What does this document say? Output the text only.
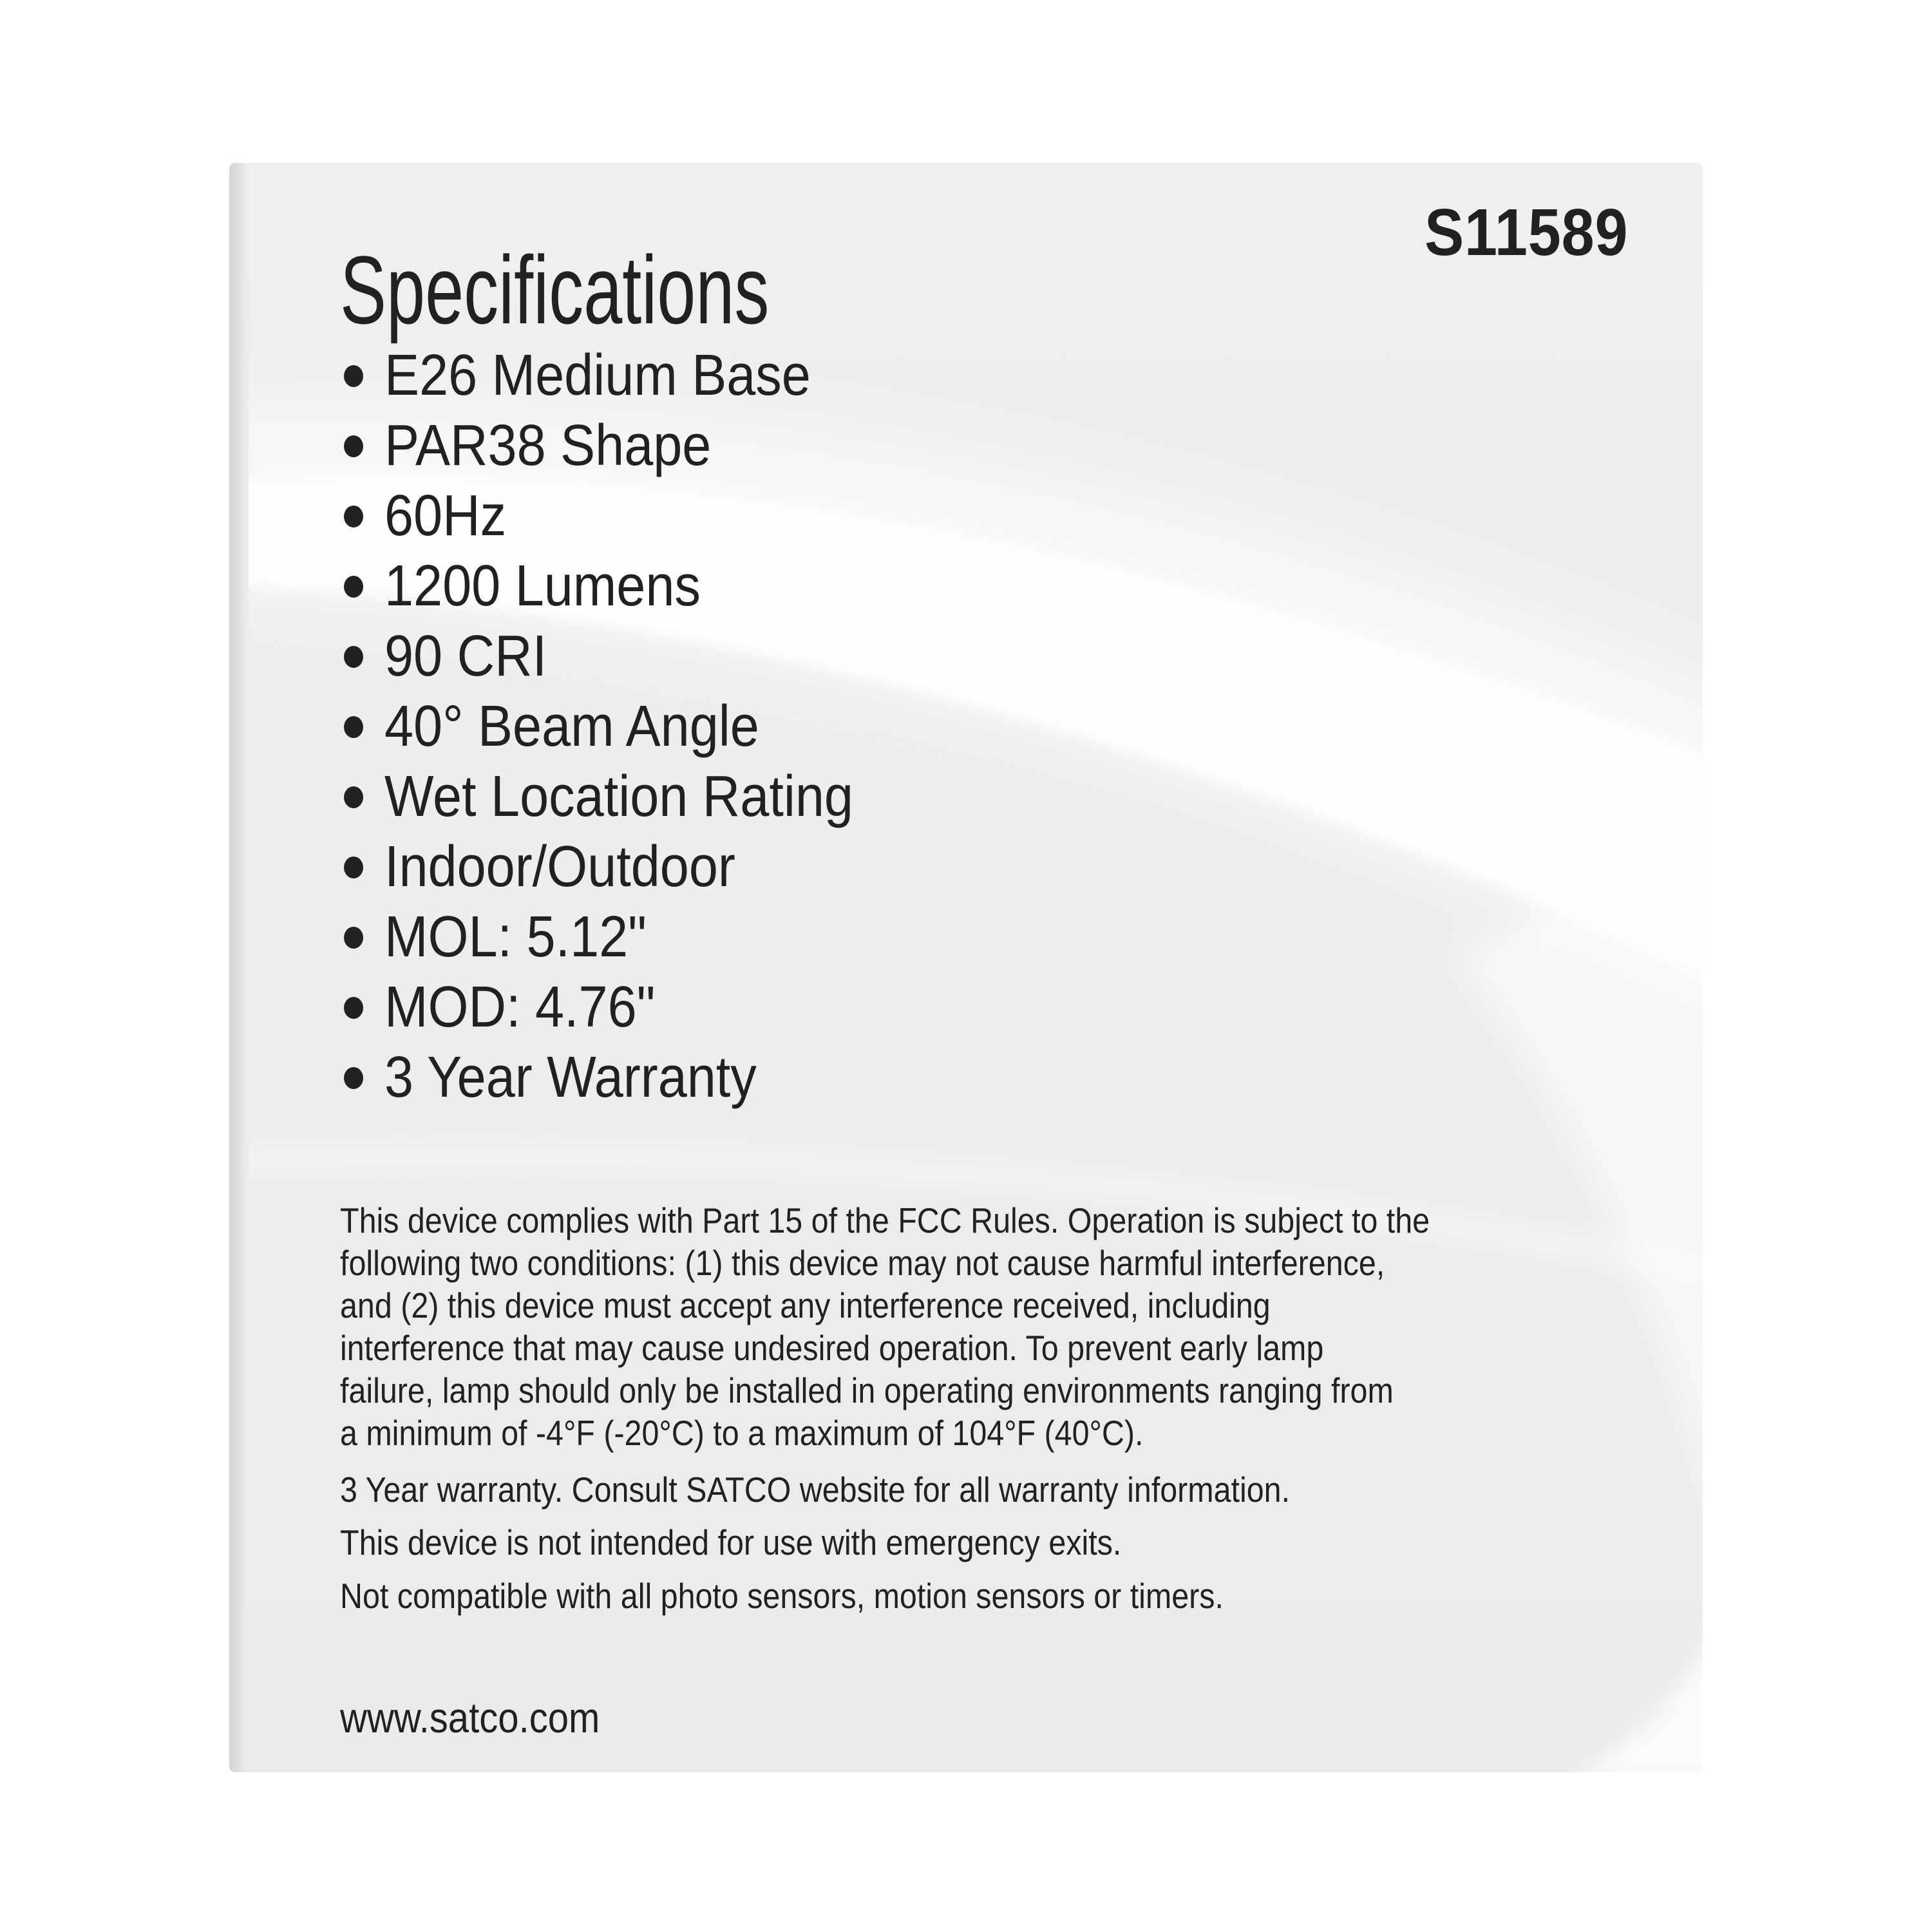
S11589
Specifications
E26 Medium Base
PAR38 Shape
60Hz
1200 Lumens
90 CRI
40° Beam Angle
Wet Location Rating
Indoor/Outdoor
MOL: 5.12"
MOD: 4.76"
3 Year Warranty
This device complies with Part 15 of the FCC Rules. Operation is subject to the
following two conditions: (1) this device may not cause harmful interference,
and (2) this device must accept any interference received, including
interference that may cause undesired operation. To prevent early lamp
failure, lamp should only be installed in operating environments ranging from
a minimum of -4°F (-20°C) to a maximum of 104°F (40°C).
3 Year warranty. Consult SATCO website for all warranty information.
This device is not intended for use with emergency exits.
Not compatible with all photo sensors, motion sensors or timers.
www.satco.com
